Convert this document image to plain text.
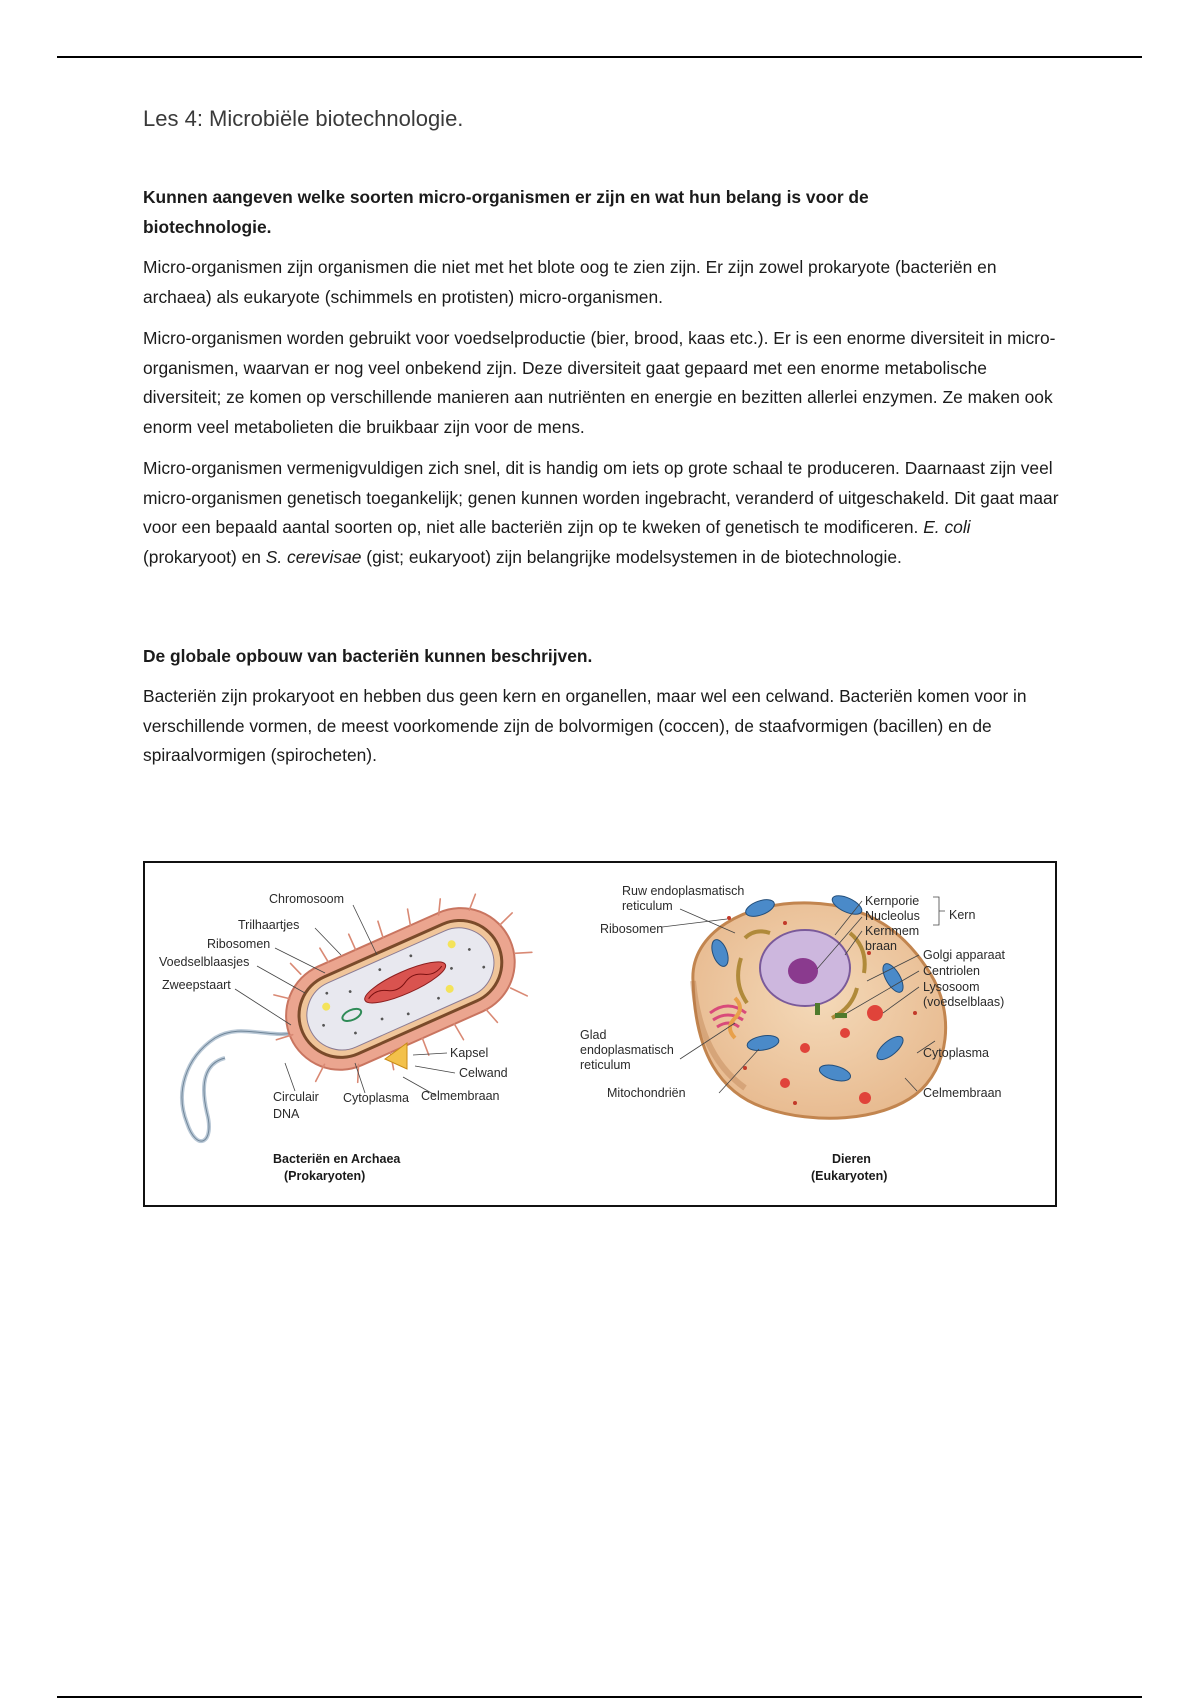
Les 4: Microbiële biotechnologie.

Kunnen aangeven welke soorten micro-organismen er zijn en wat hun belang is voor de
biotechnologie.

Micro-organismen zijn organismen die niet met het blote oog te zien zijn. Er zijn zowel prokaryote (bacteriën en archaea) als eukaryote (schimmels en protisten) micro-organismen.

Micro-organismen worden gebruikt voor voedselproductie (bier, brood, kaas etc.). Er is een enorme diversiteit in micro-organismen, waarvan er nog veel onbekend zijn. Deze diversiteit gaat gepaard met een enorme metabolische diversiteit; ze komen op verschillende manieren aan nutriënten en energie en bezitten allerlei enzymen. Ze maken ook enorm veel metabolieten die bruikbaar zijn voor de mens.

Micro-organismen vermenigvuldigen zich snel, dit is handig om iets op grote schaal te produceren. Daarnaast zijn veel micro-organismen genetisch toegankelijk; genen kunnen worden ingebracht, veranderd of uitgeschakeld. Dit gaat maar voor een bepaald aantal soorten op, niet alle bacteriën zijn op te kweken of genetisch te modificeren. E. coli (prokaryoot) en S. cerevisae (gist; eukaryoot) zijn belangrijke modelsystemen in de biotechnologie.

De globale opbouw van bacteriën kunnen beschrijven.

Bacteriën zijn prokaryoot en hebben dus geen kern en organellen, maar wel een celwand. Bacteriën komen voor in verschillende vormen, de meest voorkomende zijn de bolvormigen (coccen), de staafvormigen (bacillen) en de spiraalvormigen (spirocheten).

Chromosoom
Trilhaartjes
Ribosomen
Voedselblaasjes
Zweepstaart
Kapsel
Celwand
Circulair
DNA
Cytoplasma Celmembraan
Bacteriën en Archaea
(Prokaryoten)
Ruw endoplasmatisch
reticulum
Ribosomen
Kernporie
Nucleolus
Kernmem
braan
Kern
Golgi apparaat
Centriolen
Lysosoom
(voedselblaas)
Glad
endoplasmatisch
reticulum
Cytoplasma
Mitochondriën	Celmembraan
Dieren
(Eukaryoten)
